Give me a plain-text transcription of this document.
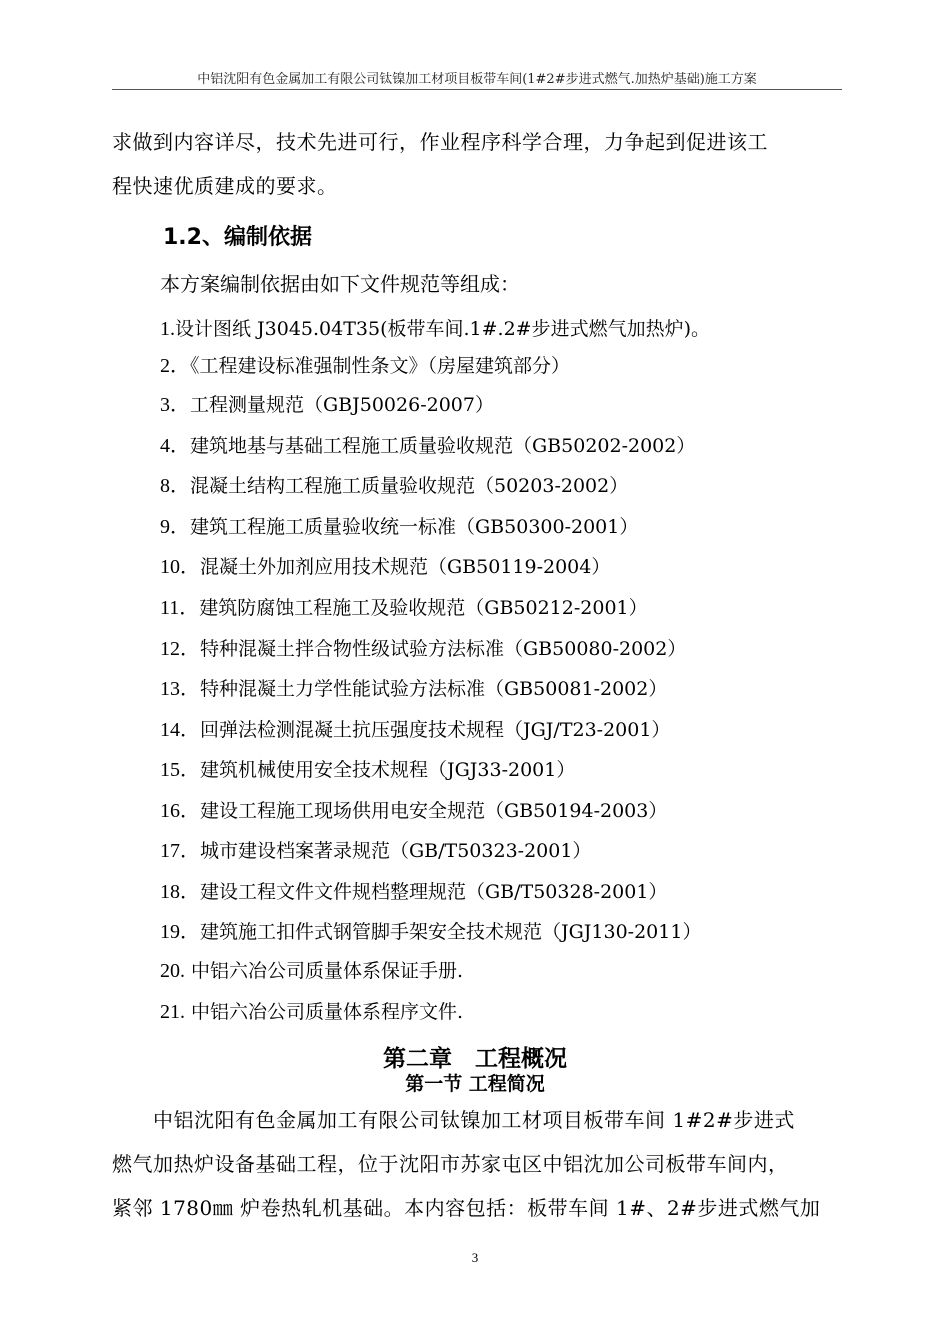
中铝沈阳有色金属加工有限公司钛镍加工材项目板带车间(1#2#步进式燃气.加热炉基础)施工方案
求做到内容详尽，技术先进可行，作业程序科学合理，力争起到促进该工
程快速优质建成的要求。
1.2、编制依据
本方案编制依据由如下文件规范等组成：
1.设计图纸 J3045.04T35(板带车间.1#.2#步进式燃气加热炉)。
2．《工程建设标准强制性条文》（房屋建筑部分）
3．工程测量规范（GBJ50026-2007）
4．建筑地基与基础工程施工质量验收规范（GB50202-2002）
8．混凝土结构工程施工质量验收规范（50203-2002）
9．建筑工程施工质量验收统一标准（GB50300-2001）
10．混凝土外加剂应用技术规范（GB50119-2004）
11．建筑防腐蚀工程施工及验收规范（GB50212-2001）
12．特种混凝土拌合物性级试验方法标准（GB50080-2002）
13．特种混凝土力学性能试验方法标准（GB50081-2002）
14．回弹法检测混凝土抗压强度技术规程（JGJ/T23-2001）
15．建筑机械使用安全技术规程（JGJ33-2001）
16．建设工程施工现场供用电安全规范（GB50194-2003）
17．城市建设档案著录规范（GB/T50323-2001）
18．建设工程文件文件规档整理规范（GB/T50328-2001）
19．建筑施工扣件式钢管脚手架安全技术规范（JGJ130-2011）
20. 中铝六冶公司质量体系保证手册.
21. 中铝六冶公司质量体系程序文件.
第二章　工程概况
第一节 工程简况
　　中铝沈阳有色金属加工有限公司钛镍加工材项目板带车间 1#2#步进式
燃气加热炉设备基础工程，位于沈阳市苏家屯区中铝沈加公司板带车间内，
紧邻 1780㎜ 炉卷热轧机基础。本内容包括：板带车间 1#、2#步进式燃气加
3
